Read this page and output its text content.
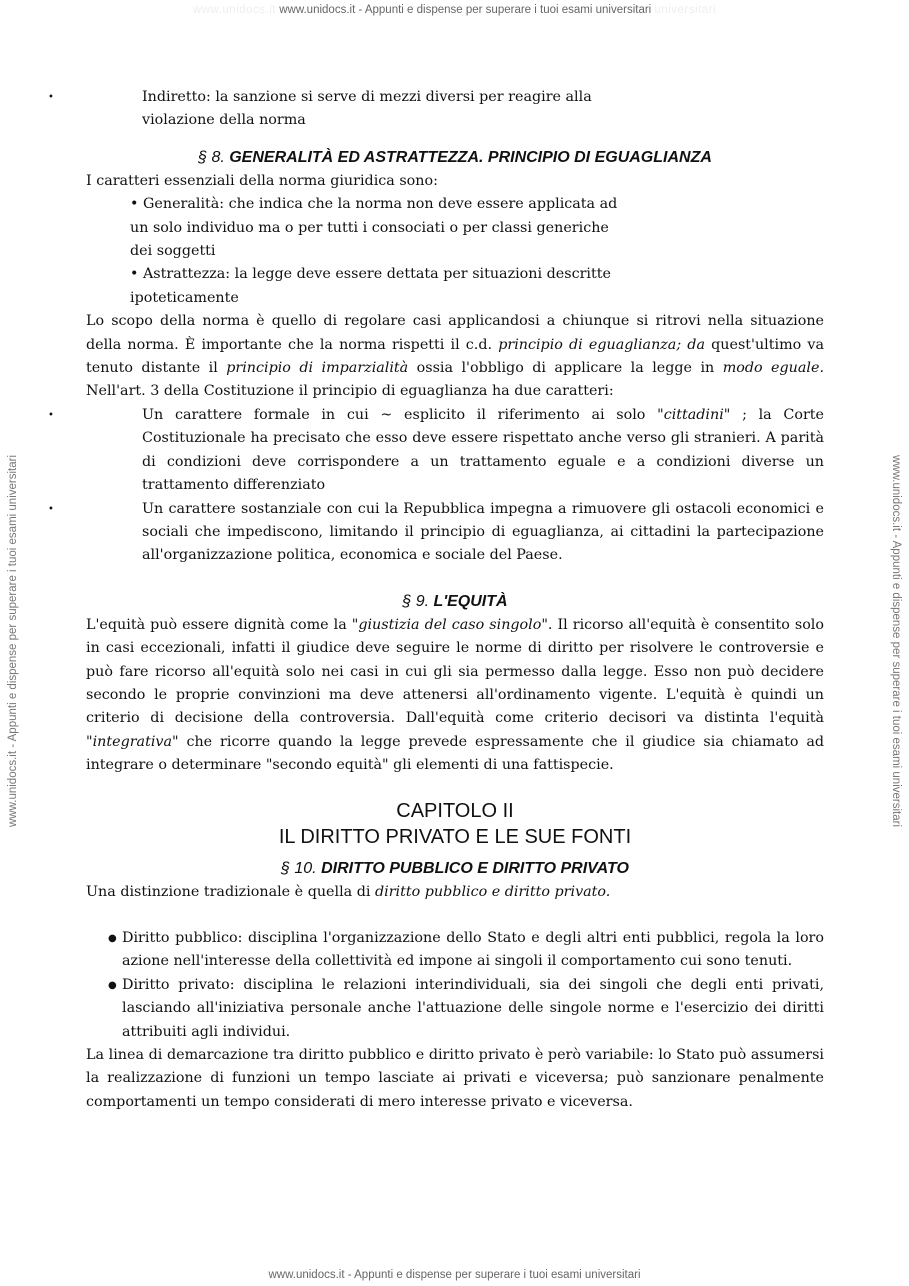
www.unidocs.it www.unidocs.it - Appunti e dispense per superare i tuoi esami universitari universitari
www.unidocs.it - Appunti e dispense per superare i tuoi esami universitari	www.unidocs.it - Appunti e dispense per superare i tuoi esami universitari
•	Indiretto: la sanzione si serve di mezzi diversi per reagire alla
violazione della norma
§ 8. GENERALITÀ ED ASTRATTEZZA. PRINCIPIO DI EGUAGLIANZA

I caratteri essenziali della norma giuridica sono:

• Generalità: che indica che la norma non deve essere applicata ad
un solo individuo ma o per tutti i consociati o per classi generiche
dei soggetti
• Astrattezza: la legge deve essere dettata per situazioni descritte
ipoteticamente

Lo scopo della norma è quello di regolare casi applicandosi a chiunque si ritrovi nella situazione della norma. È importante che la norma rispetti il c.d. principio di eguaglianza; da quest'ultimo va tenuto distante il principio di imparzialità ossia l'obbligo di applicare la legge in modo eguale. Nell'art. 3 della Costituzione il principio di eguaglianza ha due caratteri:

•	Un carattere formale in cui ~ esplicito il riferimento ai solo "cittadini" ; la Corte Costituzionale ha precisato che esso deve essere rispettato anche verso gli stranieri. A parità di condizioni deve corrispondere a un trattamento eguale e a condizioni diverse un trattamento differenziato
•	Un carattere sostanziale con cui la Repubblica impegna a rimuovere gli ostacoli economici e sociali che impediscono, limitando il principio di eguaglianza, ai cittadini la partecipazione all'organizzazione politica, economica e sociale del Paese.
§ 9. L'EQUITÀ

L'equità può essere dignità come la "giustizia del caso singolo". Il ricorso all'equità è consentito solo in casi eccezionali, infatti il giudice deve seguire le norme di diritto per risolvere le controversie e può fare ricorso all'equità solo nei casi in cui gli sia permesso dalla legge. Esso non può decidere secondo le proprie convinzioni ma deve attenersi all'ordinamento vigente. L'equità è quindi un criterio di decisione della controversia. Dall'equità come criterio decisori va distinta l'equità "integrativa" che ricorre quando la legge prevede espressamente che il giudice sia chiamato ad integrare o determinare "secondo equità" gli elementi di una fattispecie.

CAPITOLO II
IL DIRITTO PRIVATO E LE SUE FONTI
§ 10. DIRITTO PUBBLICO E DIRITTO PRIVATO

Una distinzione tradizionale è quella di diritto pubblico e diritto privato.

● Diritto pubblico: disciplina l'organizzazione dello Stato e degli altri enti pubblici, regola la loro azione nell'interesse della collettività ed impone ai singoli il comportamento cui sono tenuti.
● Diritto privato: disciplina le relazioni interindividuali, sia dei singoli che degli enti privati, lasciando all'iniziativa personale anche l'attuazione delle singole norme e l'esercizio dei diritti attribuiti agli individui.

La linea di demarcazione tra diritto pubblico e diritto privato è però variabile: lo Stato può assumersi la realizzazione di funzioni un tempo lasciate ai privati e viceversa; può sanzionare penalmente comportamenti un tempo considerati di mero interesse privato e viceversa.

www.unidocs.it - Appunti e dispense per superare i tuoi esami universitari
